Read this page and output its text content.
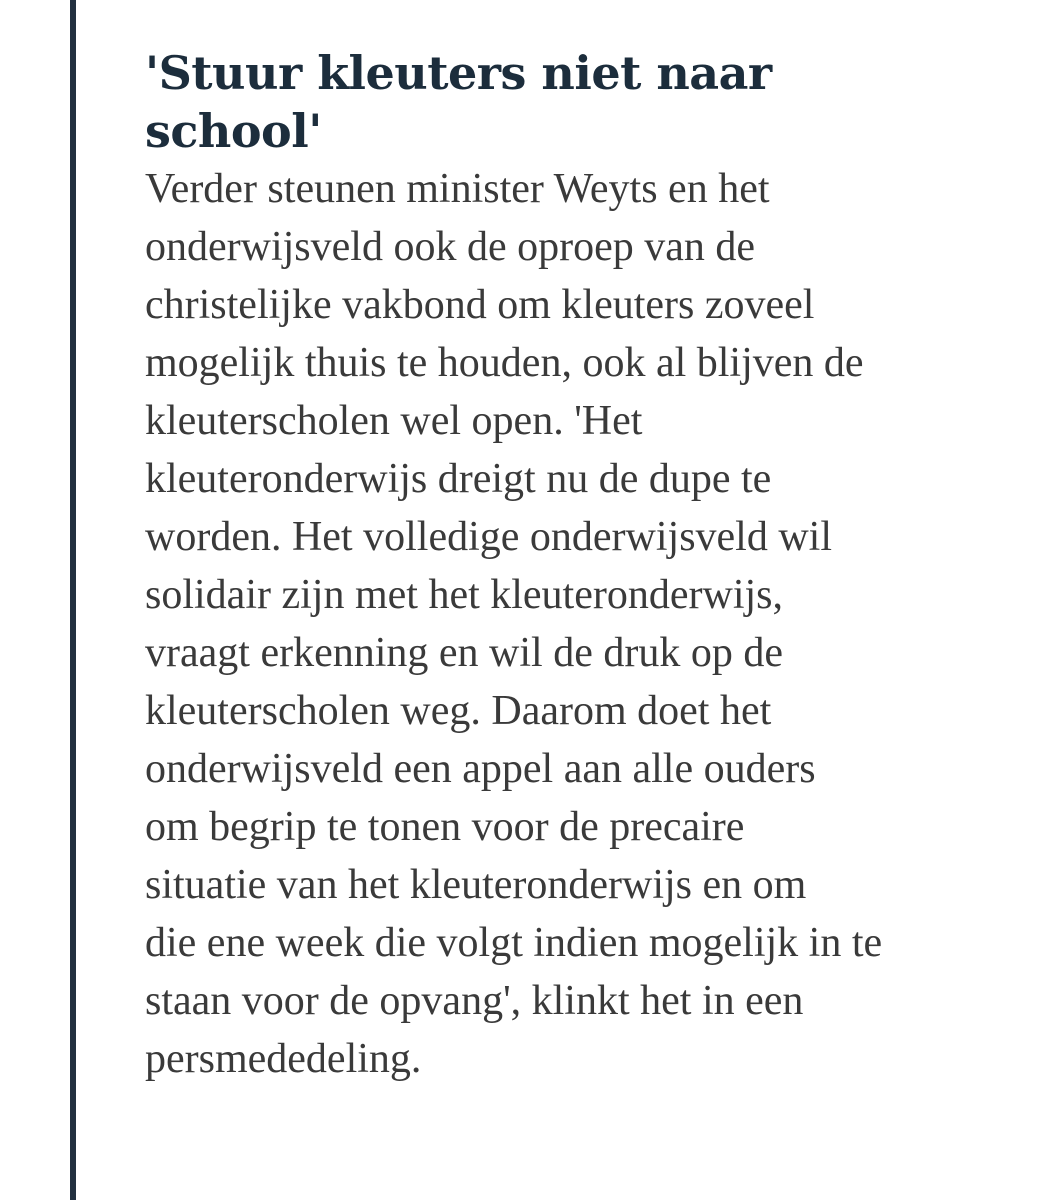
'Stuur kleuters niet naar
school'

Verder steunen minister Weyts en het
onderwijsveld ook de oproep van de
christelijke vakbond om kleuters zoveel
mogelijk thuis te houden, ook al blijven de
kleuterscholen wel open. 'Het
kleuteronderwijs dreigt nu de dupe te
worden. Het volledige onderwijsveld wil
solidair zijn met het kleuteronderwijs,
vraagt erkenning en wil de druk op de
kleuterscholen weg. Daarom doet het
onderwijsveld een appel aan alle ouders
om begrip te tonen voor de precaire
situatie van het kleuteronderwijs en om
die ene week die volgt indien mogelijk in te
staan voor de opvang', klinkt het in een
persmededeling.
